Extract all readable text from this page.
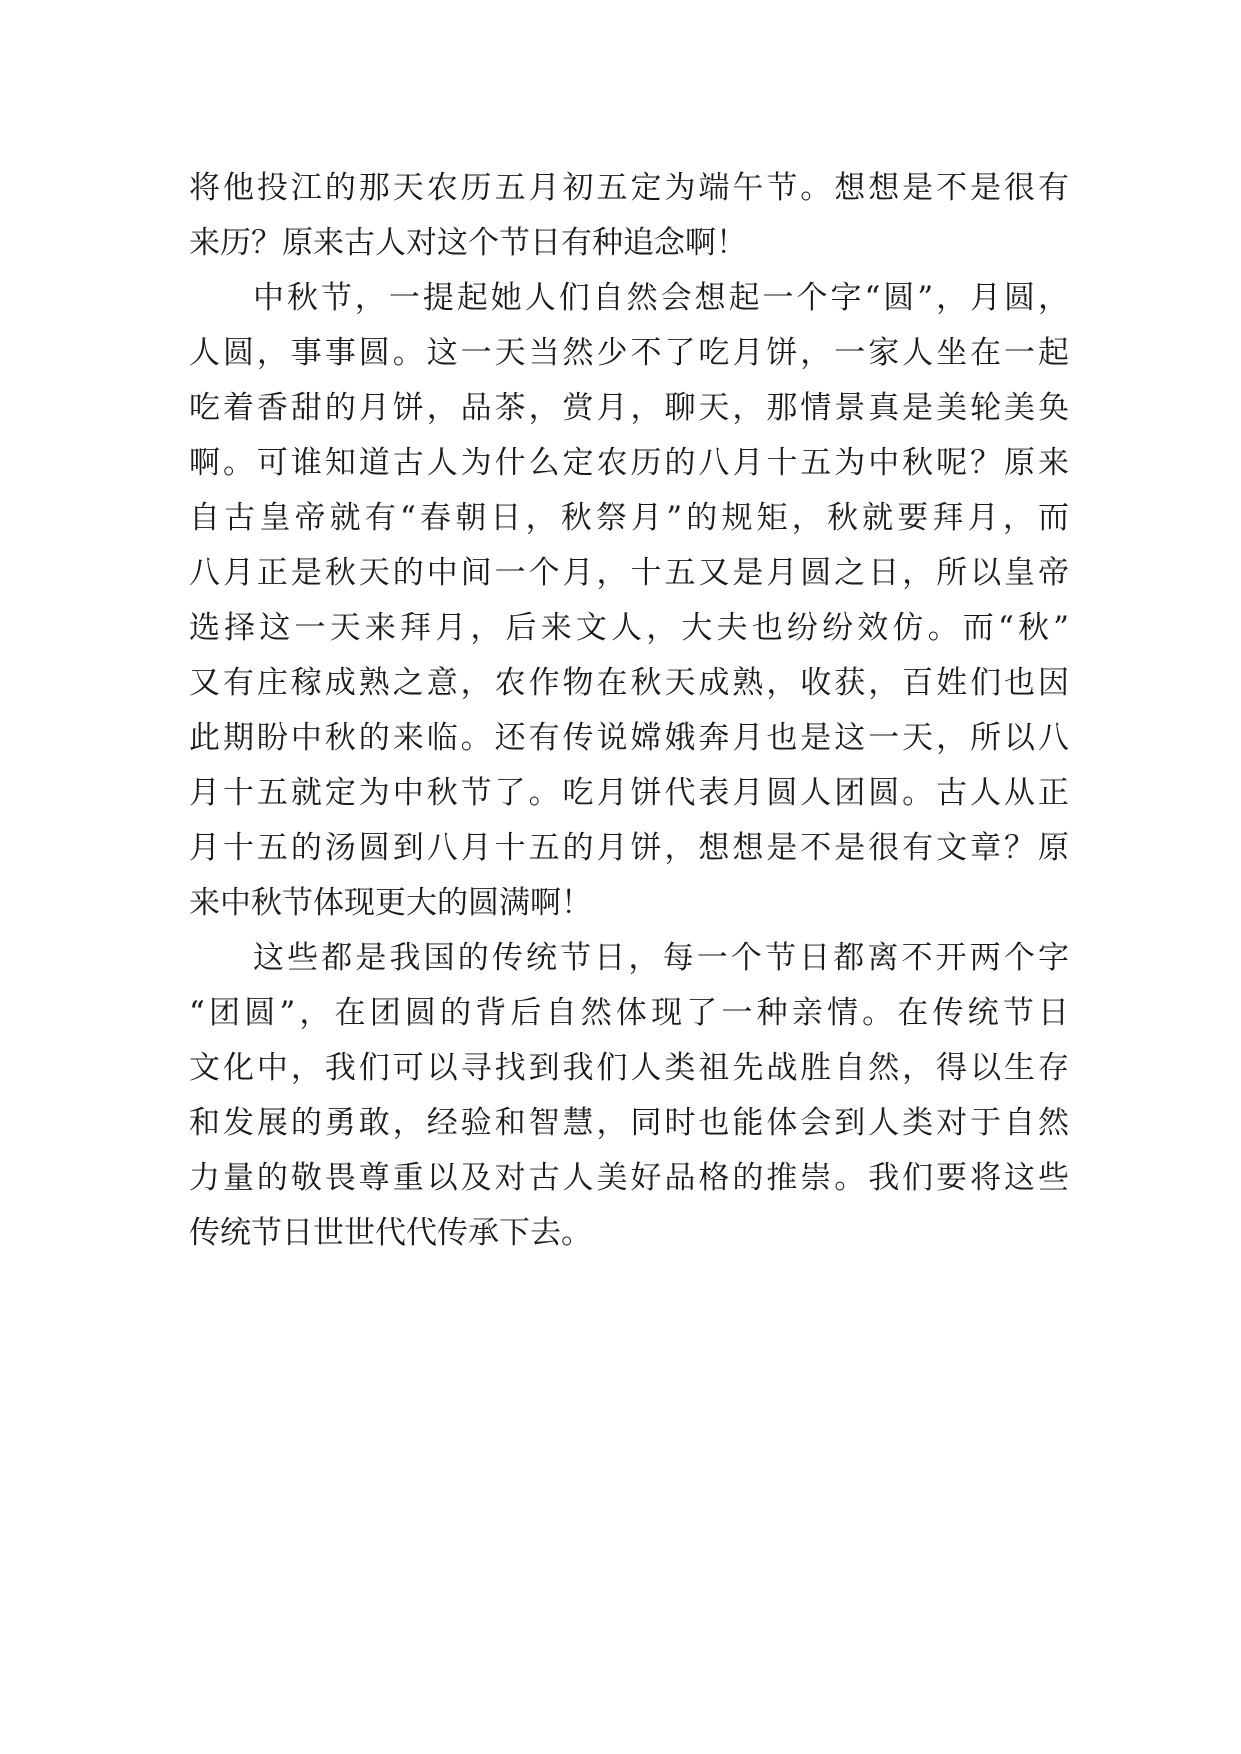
将他投江的那天农历五月初五定为端午节。想想是不是很有
来历？原来古人对这个节日有种追念啊！
中秋节，一提起她人们自然会想起一个字“圆”，月圆，
人圆，事事圆。这一天当然少不了吃月饼，一家人坐在一起
吃着香甜的月饼，品茶，赏月，聊天，那情景真是美轮美奂
啊。可谁知道古人为什么定农历的八月十五为中秋呢？原来
自古皇帝就有“春朝日，秋祭月”的规矩，秋就要拜月，而
八月正是秋天的中间一个月，十五又是月圆之日，所以皇帝
选择这一天来拜月，后来文人，大夫也纷纷效仿。而“秋”
又有庄稼成熟之意，农作物在秋天成熟，收获，百姓们也因
此期盼中秋的来临。还有传说嫦娥奔月也是这一天，所以八
月十五就定为中秋节了。吃月饼代表月圆人团圆。古人从正
月十五的汤圆到八月十五的月饼，想想是不是很有文章？原
来中秋节体现更大的圆满啊！
这些都是我国的传统节日，每一个节日都离不开两个字
“团圆”，在团圆的背后自然体现了一种亲情。在传统节日
文化中，我们可以寻找到我们人类祖先战胜自然，得以生存
和发展的勇敢，经验和智慧，同时也能体会到人类对于自然
力量的敬畏尊重以及对古人美好品格的推崇。我们要将这些
传统节日世世代代传承下去。
